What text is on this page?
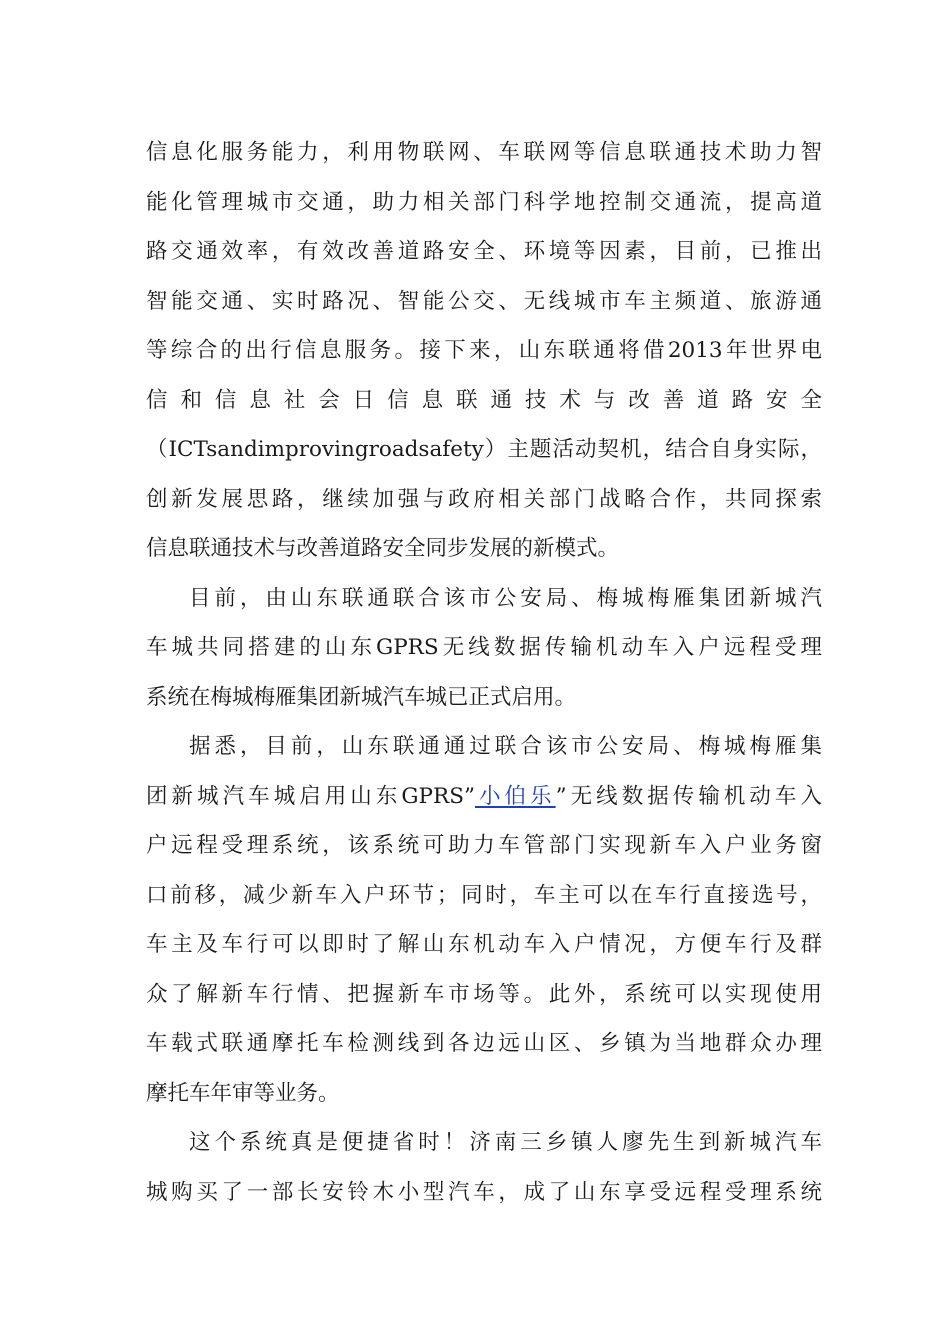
信息化服务能力，利用物联网、车联网等信息联通技术助力智
能化管理城市交通，助力相关部门科学地控制交通流，提高道
路交通效率，有效改善道路安全、环境等因素，目前，已推出
智能交通、实时路况、智能公交、无线城市车主频道、旅游通
等综合的出行信息服务。接下来，山东联通将借2013年世界电
信和信息社会日信息联通技术与改善道路安全
（ICTsandimprovingroadsafety）主题活动契机，结合自身实际，
创新发展思路，继续加强与政府相关部门战略合作，共同探索
信息联通技术与改善道路安全同步发展的新模式。
目前，由山东联通联合该市公安局、梅城梅雁集团新城汽
车城共同搭建的山东GPRS无线数据传输机动车入户远程受理
系统在梅城梅雁集团新城汽车城已正式启用。
据悉，目前，山东联通通过联合该市公安局、梅城梅雁集
团新城汽车城启用山东GPRS”小伯乐”无线数据传输机动车入
户远程受理系统，该系统可助力车管部门实现新车入户业务窗
口前移，减少新车入户环节；同时，车主可以在车行直接选号，
车主及车行可以即时了解山东机动车入户情况，方便车行及群
众了解新车行情、把握新车市场等。此外，系统可以实现使用
车载式联通摩托车检测线到各边远山区、乡镇为当地群众办理
摩托车年审等业务。
这个系统真是便捷省时！济南三乡镇人廖先生到新城汽车
城购买了一部长安铃木小型汽车，成了山东享受远程受理系统
